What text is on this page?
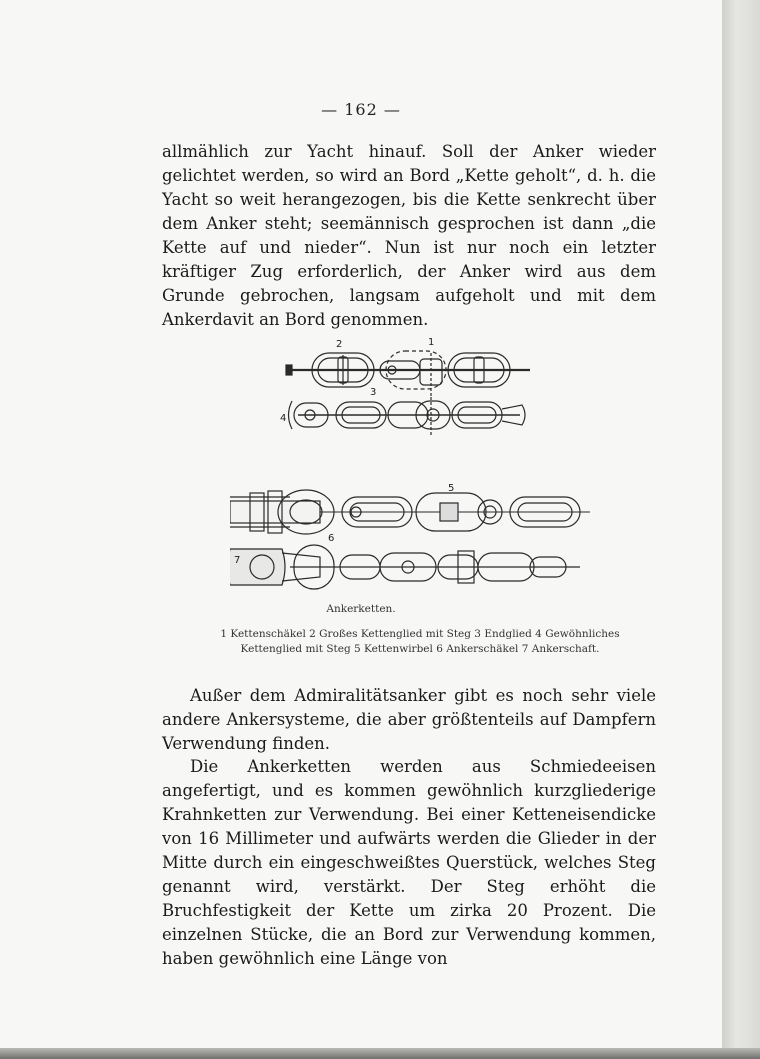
— 162 —

allmählich zur Yacht hinauf. Soll der Anker wieder gelichtet werden, so wird an Bord „Kette geholt“, d. h. die Yacht so weit herangezogen, bis die Kette senkrecht über dem Anker steht; seemännisch gesprochen ist dann „die Kette auf und nieder“. Nun ist nur noch ein letzter kräftiger Zug erforderlich, der Anker wird aus dem Grunde gebrochen, langsam aufgeholt und mit dem Ankerdavit an Bord genommen.

1
2
3
4
5
6
7
Ankerketten.
1 Kettenschäkel 2 Großes Kettenglied mit Steg 3 Endglied 4 Gewöhnliches
Kettenglied mit Steg 5 Kettenwirbel 6 Ankerschäkel 7 Ankerschaft.

Außer dem Admiralitätsanker gibt es noch sehr viele andere Ankersysteme, die aber größtenteils auf Dampfern Verwendung finden.

Die Ankerketten werden aus Schmiedeeisen angefertigt, und es kommen gewöhnlich kurzgliederige Krahnketten zur Verwendung. Bei einer Ketteneisendicke von 16 Millimeter und aufwärts werden die Glieder in der Mitte durch ein eingeschweißtes Querstück, welches Steg genannt wird, verstärkt. Der Steg erhöht die Bruchfestigkeit der Kette um zirka 20 Prozent. Die einzelnen Stücke, die an Bord zur Verwendung kommen, haben gewöhnlich eine Länge von
